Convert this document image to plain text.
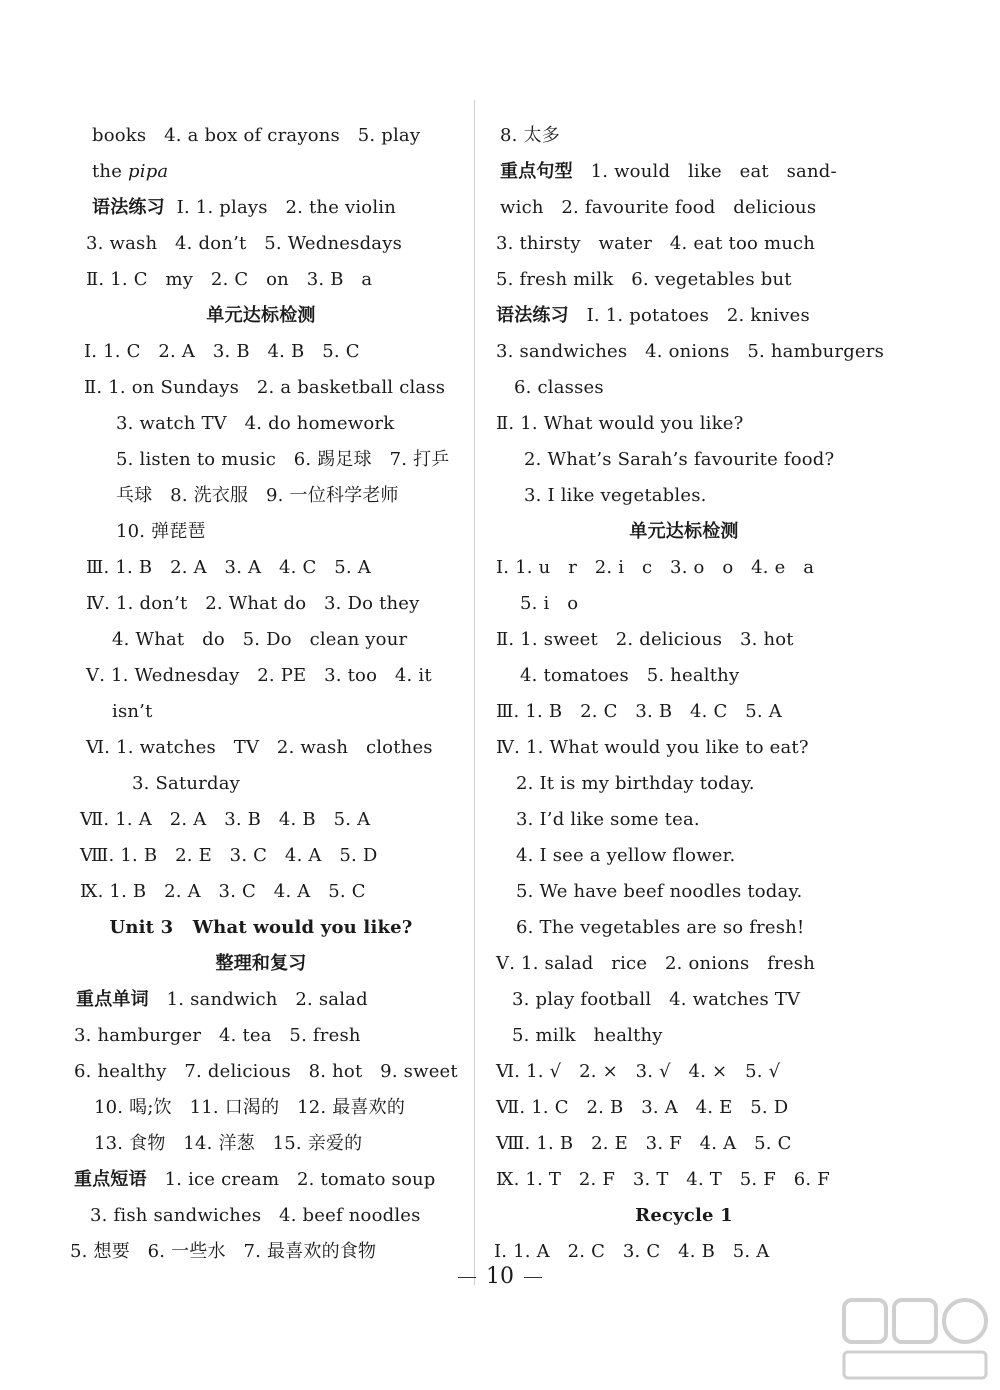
books   4. a box of crayons   5. play
the pipa
语法练习  Ⅰ. 1. plays   2. the violin
3. wash   4. don’t   5. Wednesdays
Ⅱ. 1. C   my   2. C   on   3. B   a
单元达标检测
Ⅰ. 1. C   2. A   3. B   4. B   5. C
Ⅱ. 1. on Sundays   2. a basketball class
3. watch TV   4. do homework
5. listen to music   6. 踢足球   7. 打乒
乓球   8. 洗衣服   9. 一位科学老师
10. 弹琵琶
Ⅲ. 1. B   2. A   3. A   4. C   5. A
Ⅳ. 1. don’t   2. What do   3. Do they
4. What   do   5. Do   clean your
Ⅴ. 1. Wednesday   2. PE   3. too   4. it
isn’t
Ⅵ. 1. watches   TV   2. wash   clothes
3. Saturday
Ⅶ. 1. A   2. A   3. B   4. B   5. A
Ⅷ. 1. B   2. E   3. C   4. A   5. D
Ⅸ. 1. B   2. A   3. C   4. A   5. C
Unit 3   What would you like?
整理和复习
重点单词   1. sandwich   2. salad
3. hamburger   4. tea   5. fresh
6. healthy   7. delicious   8. hot   9. sweet
10. 喝;饮   11. 口渴的   12. 最喜欢的
13. 食物   14. 洋葱   15. 亲爱的
重点短语   1. ice cream   2. tomato soup
3. fish sandwiches   4. beef noodles
5. 想要   6. 一些水   7. 最喜欢的食物
8. 太多
重点句型   1. would   like   eat   sand-
wich   2. favourite food   delicious
3. thirsty   water   4. eat too much
5. fresh milk   6. vegetables but
语法练习   Ⅰ. 1. potatoes   2. knives
3. sandwiches   4. onions   5. hamburgers
6. classes
Ⅱ. 1. What would you like?
2. What’s Sarah’s favourite food?
3. I like vegetables.
单元达标检测
Ⅰ. 1. u   r   2. i   c   3. o   o   4. e   a
5. i   o
Ⅱ. 1. sweet   2. delicious   3. hot
4. tomatoes   5. healthy
Ⅲ. 1. B   2. C   3. B   4. C   5. A
Ⅳ. 1. What would you like to eat?
2. It is my birthday today.
3. I’d like some tea.
4. I see a yellow flower.
5. We have beef noodles today.
6. The vegetables are so fresh!
Ⅴ. 1. salad   rice   2. onions   fresh
3. play football   4. watches TV
5. milk   healthy
Ⅵ. 1. √   2. ×   3. √   4. ×   5. √
Ⅶ. 1. C   2. B   3. A   4. E   5. D
Ⅷ. 1. B   2. E   3. F   4. A   5. C
Ⅸ. 1. T   2. F   3. T   4. T   5. F   6. F
Recycle 1
Ⅰ. 1. A   2. C   3. C   4. B   5. A
10
